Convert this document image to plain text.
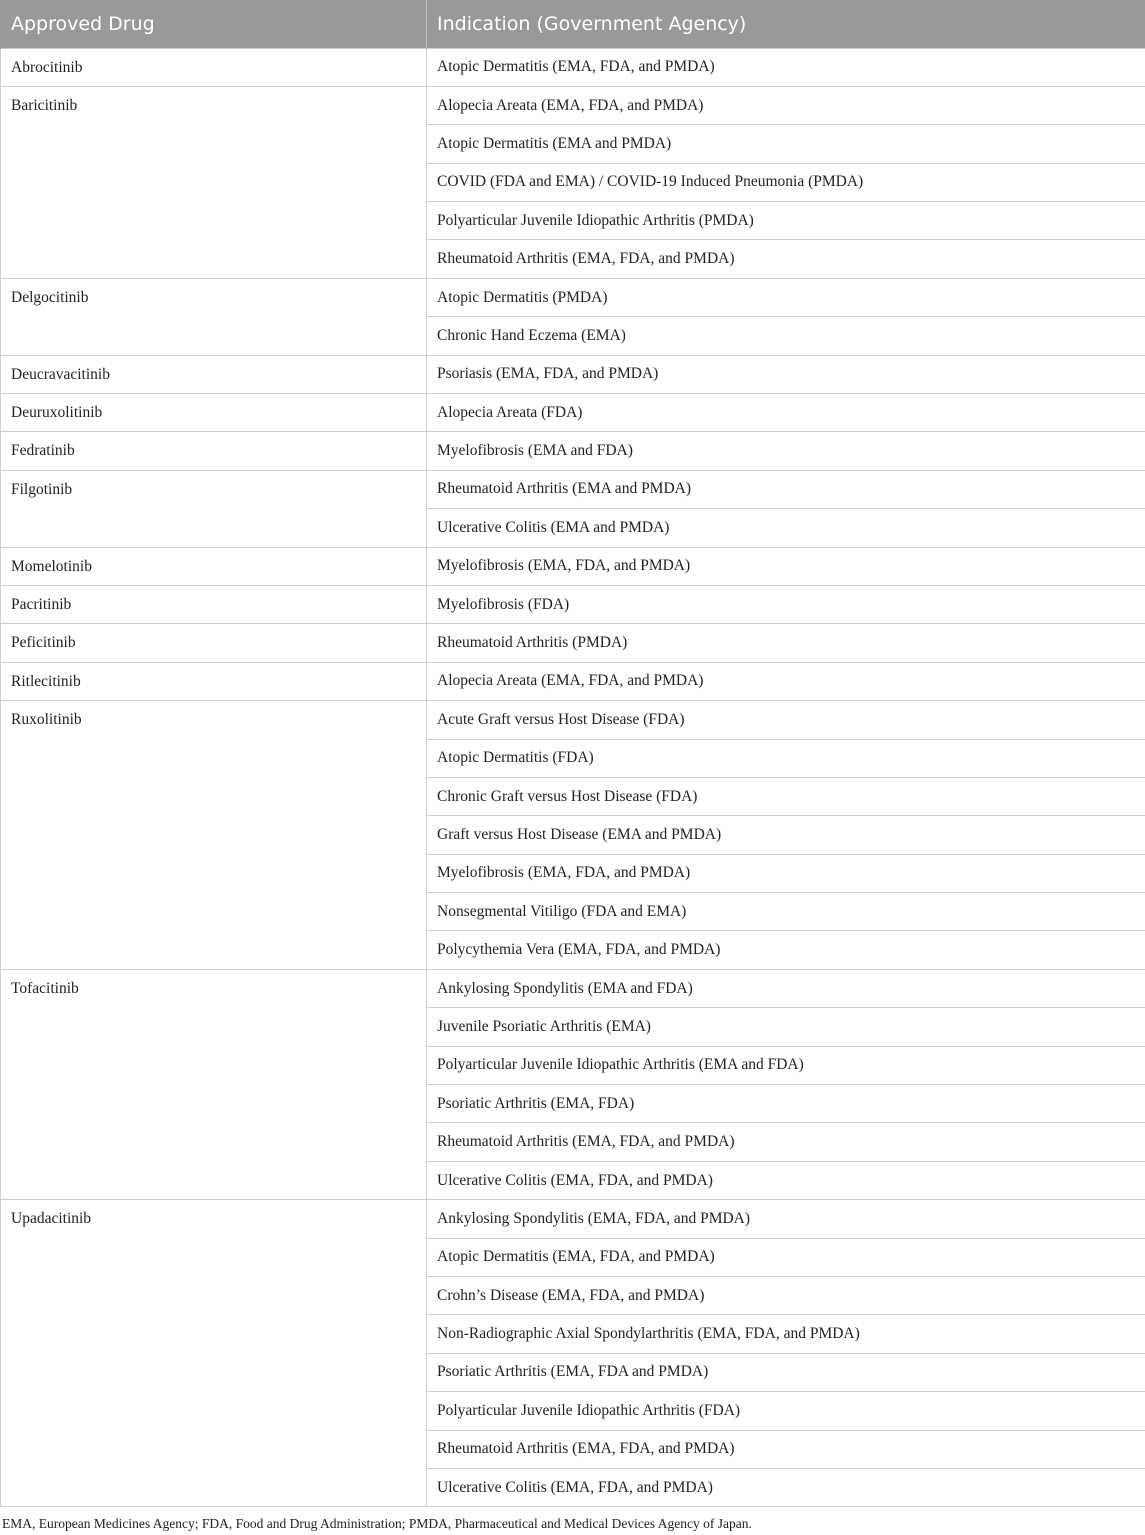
Approved Drug	Indication (Government Agency)
Abrocitinib	Atopic Dermatitis (EMA, FDA, and PMDA)
Baricitinib	Alopecia Areata (EMA, FDA, and PMDA)
	Atopic Dermatitis (EMA and PMDA)
	COVID (FDA and EMA) / COVID-19 Induced Pneumonia (PMDA)
	Polyarticular Juvenile Idiopathic Arthritis (PMDA)
	Rheumatoid Arthritis (EMA, FDA, and PMDA)
Delgocitinib	Atopic Dermatitis (PMDA)
	Chronic Hand Eczema (EMA)
Deucravacitinib	Psoriasis (EMA, FDA, and PMDA)
Deuruxolitinib	Alopecia Areata (FDA)
Fedratinib	Myelofibrosis (EMA and FDA)
Filgotinib	Rheumatoid Arthritis (EMA and PMDA)
	Ulcerative Colitis (EMA and PMDA)
Momelotinib	Myelofibrosis (EMA, FDA, and PMDA)
Pacritinib	Myelofibrosis (FDA)
Peficitinib	Rheumatoid Arthritis (PMDA)
Ritlecitinib	Alopecia Areata (EMA, FDA, and PMDA)
Ruxolitinib	Acute Graft versus Host Disease (FDA)
	Atopic Dermatitis (FDA)
	Chronic Graft versus Host Disease (FDA)
	Graft versus Host Disease (EMA and PMDA)
	Myelofibrosis (EMA, FDA, and PMDA)
	Nonsegmental Vitiligo (FDA and EMA)
	Polycythemia Vera (EMA, FDA, and PMDA)
Tofacitinib	Ankylosing Spondylitis (EMA and FDA)
	Juvenile Psoriatic Arthritis (EMA)
	Polyarticular Juvenile Idiopathic Arthritis (EMA and FDA)
	Psoriatic Arthritis (EMA, FDA)
	Rheumatoid Arthritis (EMA, FDA, and PMDA)
	Ulcerative Colitis (EMA, FDA, and PMDA)
Upadacitinib	Ankylosing Spondylitis (EMA, FDA, and PMDA)
	Atopic Dermatitis (EMA, FDA, and PMDA)
	Crohn’s Disease (EMA, FDA, and PMDA)
	Non-Radiographic Axial Spondylarthritis (EMA, FDA, and PMDA)
	Psoriatic Arthritis (EMA, FDA and PMDA)
	Polyarticular Juvenile Idiopathic Arthritis (FDA)
	Rheumatoid Arthritis (EMA, FDA, and PMDA)
	Ulcerative Colitis (EMA, FDA, and PMDA)
EMA, European Medicines Agency; FDA, Food and Drug Administration; PMDA, Pharmaceutical and Medical Devices Agency of Japan.
